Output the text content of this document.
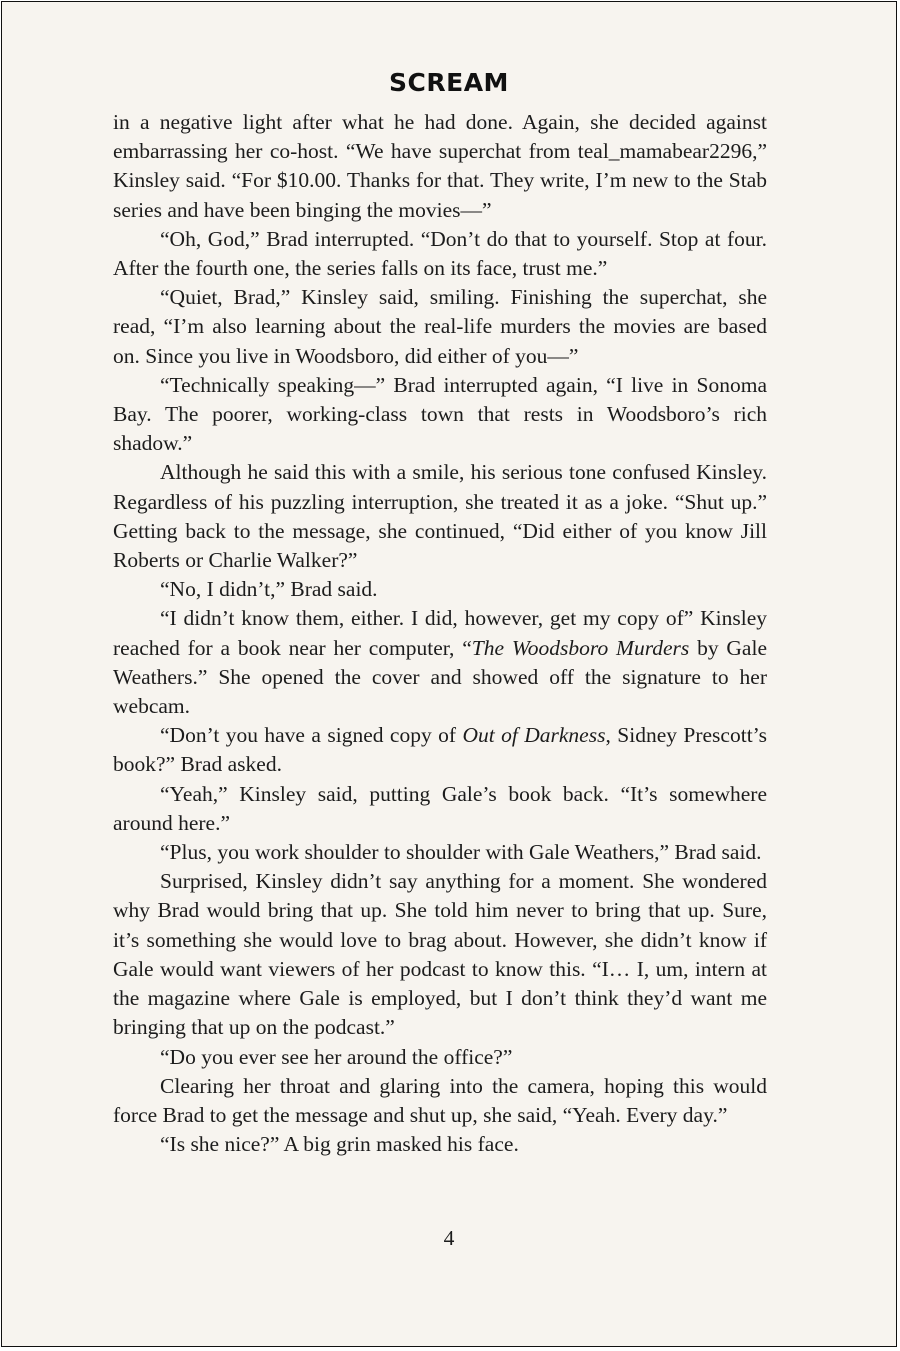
SCREAM

in a negative light after what he had done. Again, she decided against embarrassing her co-host. “We have superchat from teal_mamabear2296,” Kinsley said. “For $10.00. Thanks for that. They write, I’m new to the Stab series and have been binging the movies—”

“Oh, God,” Brad interrupted. “Don’t do that to yourself. Stop at four. After the fourth one, the series falls on its face, trust me.”

“Quiet, Brad,” Kinsley said, smiling. Finishing the superchat, she read, “I’m also learning about the real-life murders the movies are based on. Since you live in Woodsboro, did either of you—”

“Technically speaking—” Brad interrupted again, “I live in Sonoma Bay. The poorer, working-class town that rests in Woodsboro’s rich shadow.”

Although he said this with a smile, his serious tone confused Kinsley. Regardless of his puzzling interruption, she treated it as a joke. “Shut up.” Getting back to the message, she continued, “Did either of you know Jill Roberts or Charlie Walker?”

“No, I didn’t,” Brad said.

“I didn’t know them, either. I did, however, get my copy of” Kinsley reached for a book near her computer, “The Woodsboro Murders by Gale Weathers.” She opened the cover and showed off the signature to her webcam.

“Don’t you have a signed copy of Out of Darkness, Sidney Prescott’s book?” Brad asked.

“Yeah,” Kinsley said, putting Gale’s book back. “It’s somewhere around here.”

“Plus, you work shoulder to shoulder with Gale Weathers,” Brad said.

Surprised, Kinsley didn’t say anything for a moment. She wondered why Brad would bring that up. She told him never to bring that up. Sure, it’s something she would love to brag about. However, she didn’t know if Gale would want viewers of her podcast to know this. “I… I, um, intern at the magazine where Gale is employed, but I don’t think they’d want me bringing that up on the podcast.”

“Do you ever see her around the office?”

Clearing her throat and glaring into the camera, hoping this would force Brad to get the message and shut up, she said, “Yeah. Every day.”

“Is she nice?” A big grin masked his face.

4
